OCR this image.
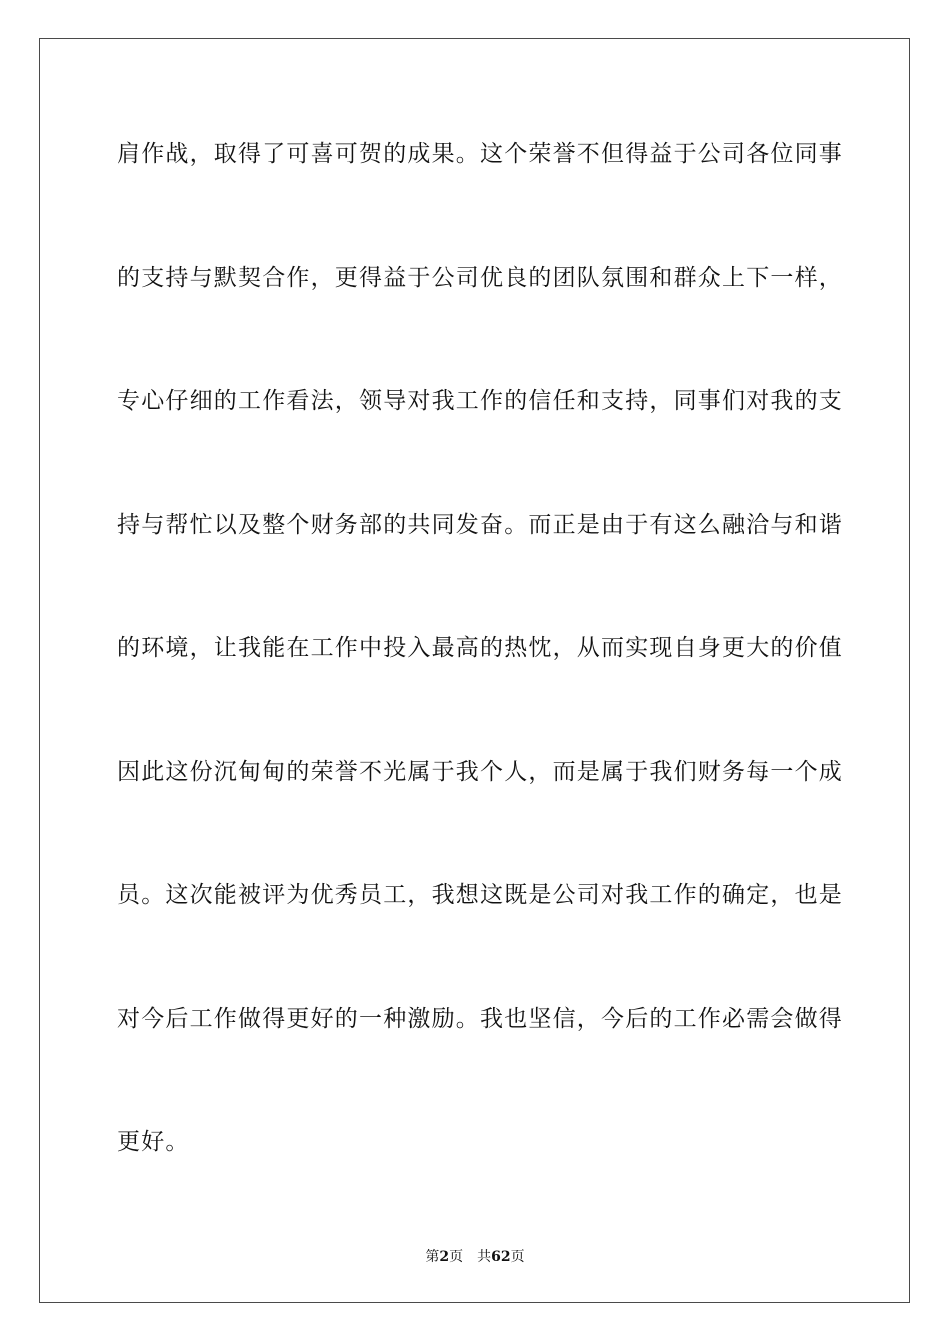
肩作战，取得了可喜可贺的成果。这个荣誉不但得益于公司各位同事
的支持与默契合作，更得益于公司优良的团队氛围和群众上下一样，
专心仔细的工作看法，领导对我工作的信任和支持，同事们对我的支
持与帮忙以及整个财务部的共同发奋。而正是由于有这么融洽与和谐
的环境，让我能在工作中投入最高的热忱，从而实现自身更大的价值
因此这份沉甸甸的荣誉不光属于我个人，而是属于我们财务每一个成
员。这次能被评为优秀员工，我想这既是公司对我工作的确定，也是
对今后工作做得更好的一种激励。我也坚信，今后的工作必需会做得
更好。
第2页 共62页
